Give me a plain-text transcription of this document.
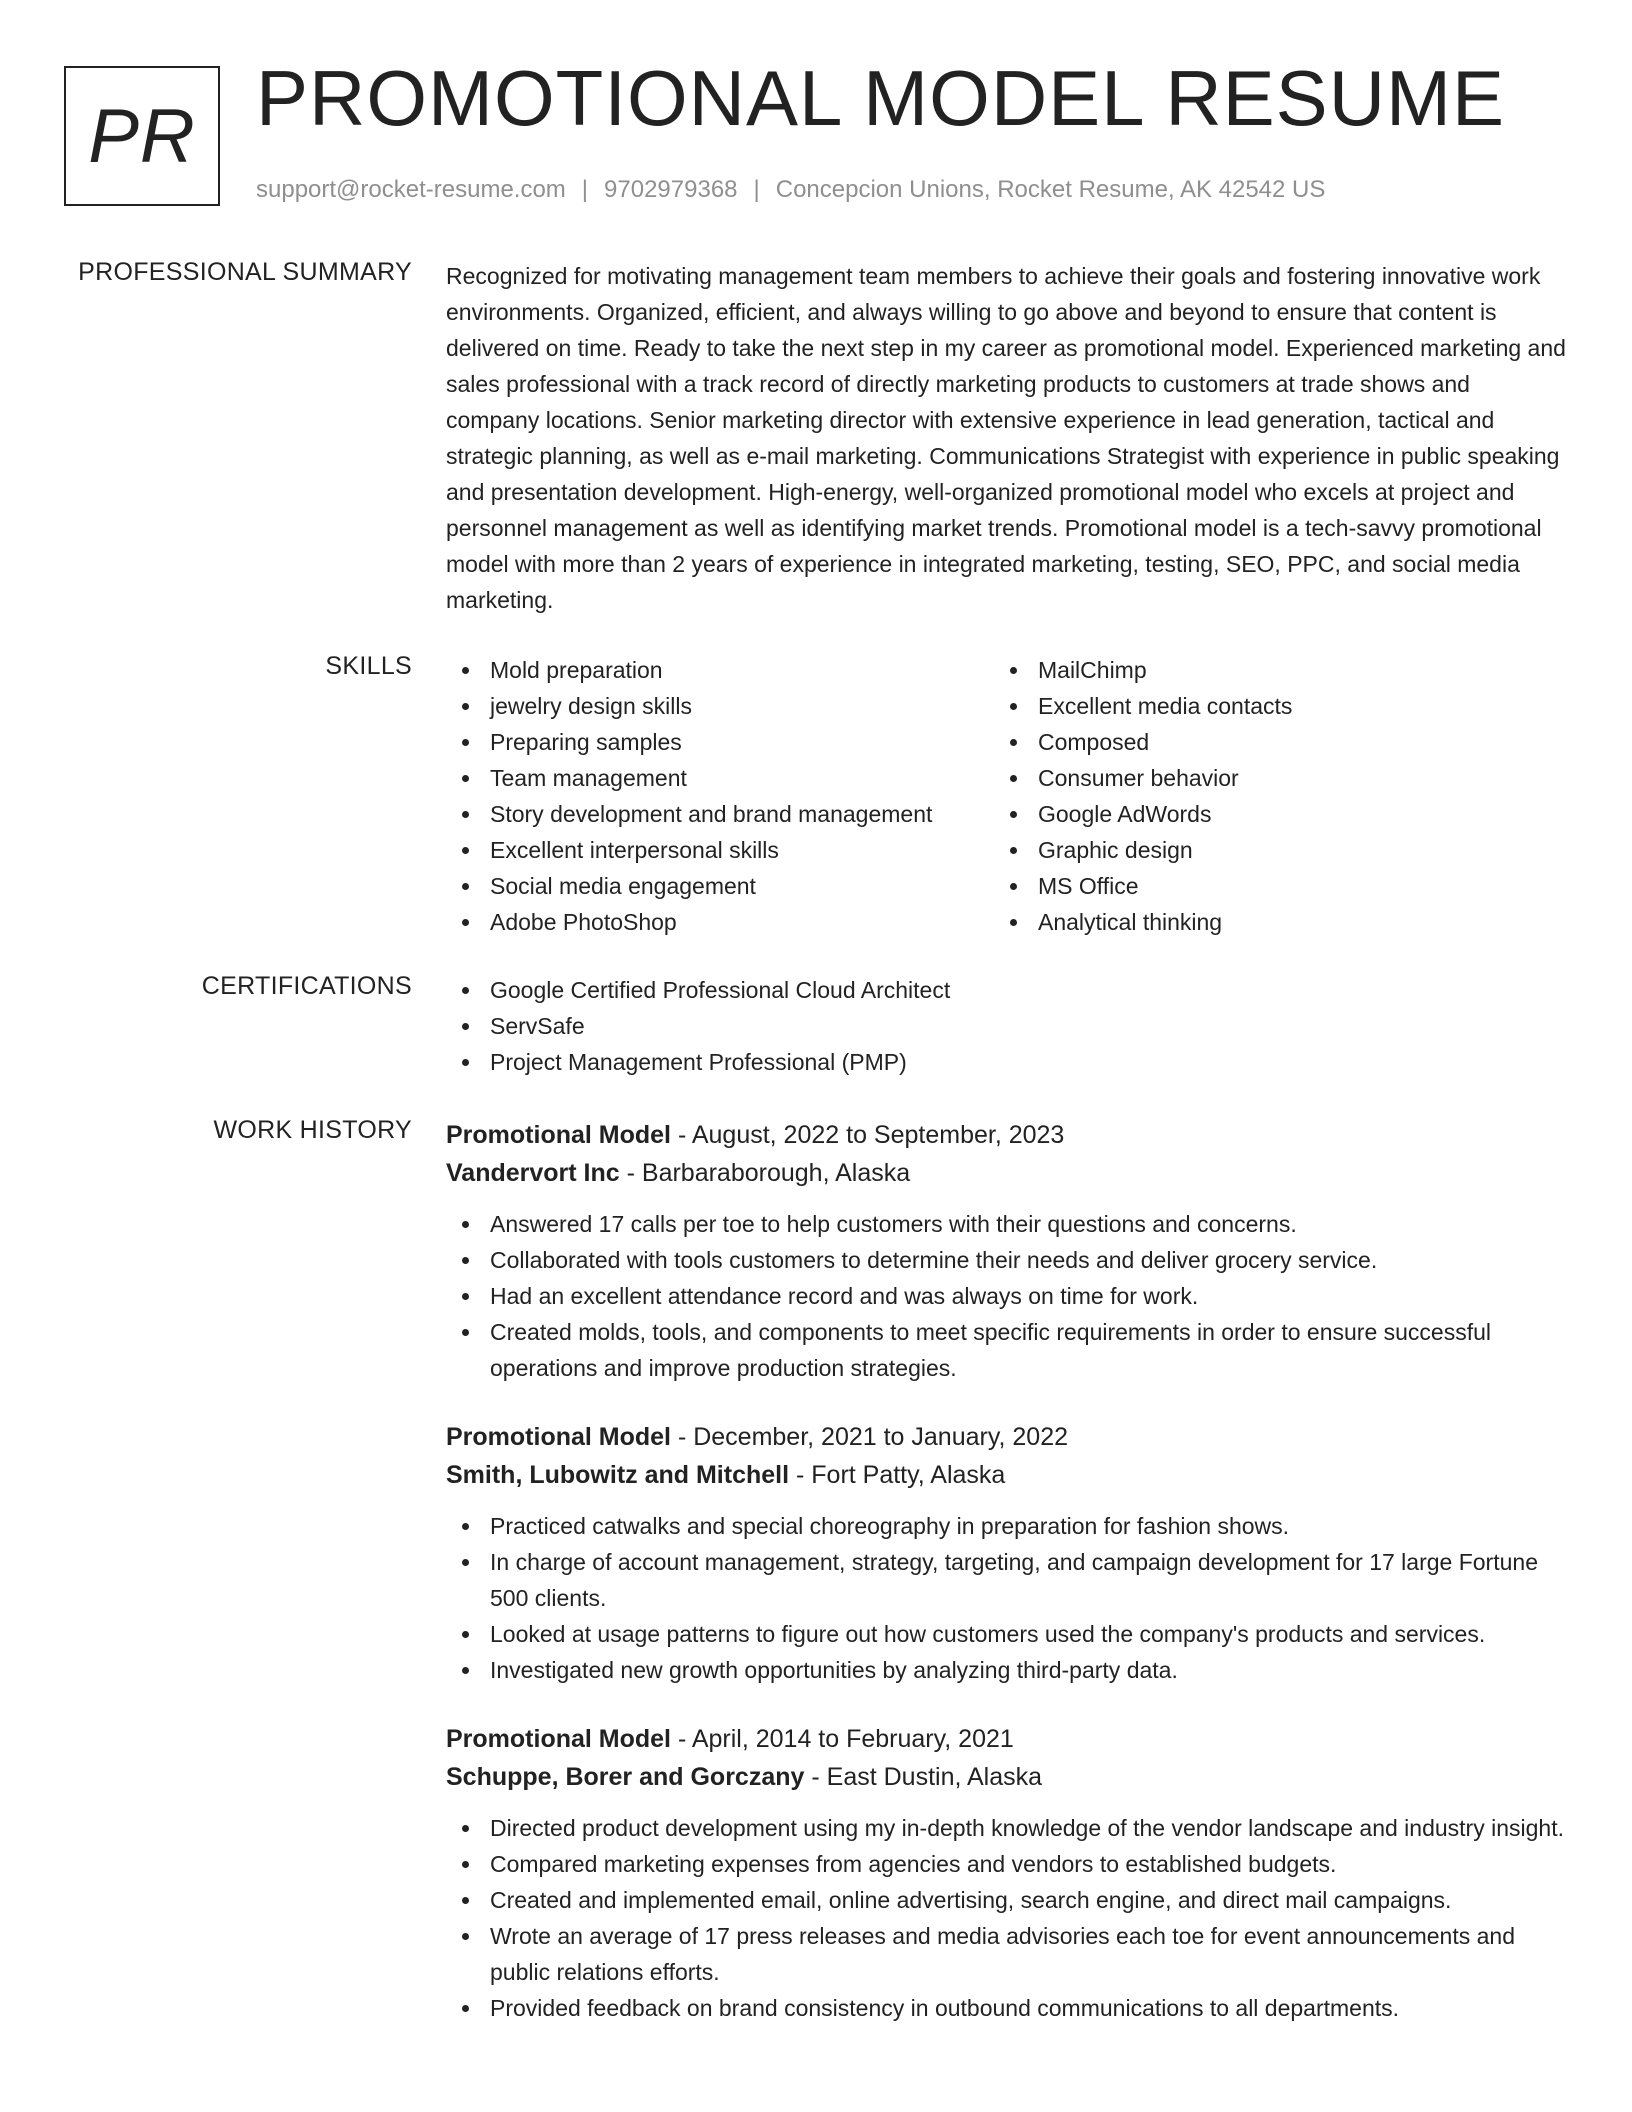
PR PROMOTIONAL MODEL RESUME
support@rocket-resume.com | 9702979368 | Concepcion Unions, Rocket Resume, AK 42542 US
PROFESSIONAL SUMMARY Recognized for motivating management team members to achieve their goals and fostering innovative work environments. Organized, efficient, and always willing to go above and beyond to ensure that content is delivered on time. Ready to take the next step in my career as promotional model. Experienced marketing and sales professional with a track record of directly marketing products to customers at trade shows and company locations. Senior marketing director with extensive experience in lead generation, tactical and strategic planning, as well as e-mail marketing. Communications Strategist with experience in public speaking and presentation development. High-energy, well-organized promotional model who excels at project and personnel management as well as identifying market trends. Promotional model is a tech-savvy promotional model with more than 2 years of experience in integrated marketing, testing, SEO, PPC, and social media marketing.

SKILLS	Mold preparation
jewelry design skills
Preparing samples
Team management
Story development and brand management
Excellent interpersonal skills
Social media engagement
Adobe PhotoShop
MailChimp
Excellent media contacts
Composed
Consumer behavior
Google AdWords
Graphic design
MS Office
Analytical thinking
CERTIFICATIONS	Google Certified Professional Cloud Architect
ServSafe
Project Management Professional (PMP)
WORK HISTORY Promotional Model - August, 2022 to September, 2023
Vandervort Inc - Barbaraborough, Alaska
Answered 17 calls per toe to help customers with their questions and concerns.
Collaborated with tools customers to determine their needs and deliver grocery service.
Had an excellent attendance record and was always on time for work.
Created molds, tools, and components to meet specific requirements in order to ensure successful operations and improve production strategies.
Promotional Model - December, 2021 to January, 2022
Smith, Lubowitz and Mitchell - Fort Patty, Alaska
Practiced catwalks and special choreography in preparation for fashion shows.
In charge of account management, strategy, targeting, and campaign development for 17 large Fortune 500 clients.
Looked at usage patterns to figure out how customers used the company's products and services.
Investigated new growth opportunities by analyzing third-party data.
Promotional Model - April, 2014 to February, 2021
Schuppe, Borer and Gorczany - East Dustin, Alaska
Directed product development using my in-depth knowledge of the vendor landscape and industry insight.
Compared marketing expenses from agencies and vendors to established budgets.
Created and implemented email, online advertising, search engine, and direct mail campaigns.
Wrote an average of 17 press releases and media advisories each toe for event announcements and public relations efforts.
Provided feedback on brand consistency in outbound communications to all departments.
